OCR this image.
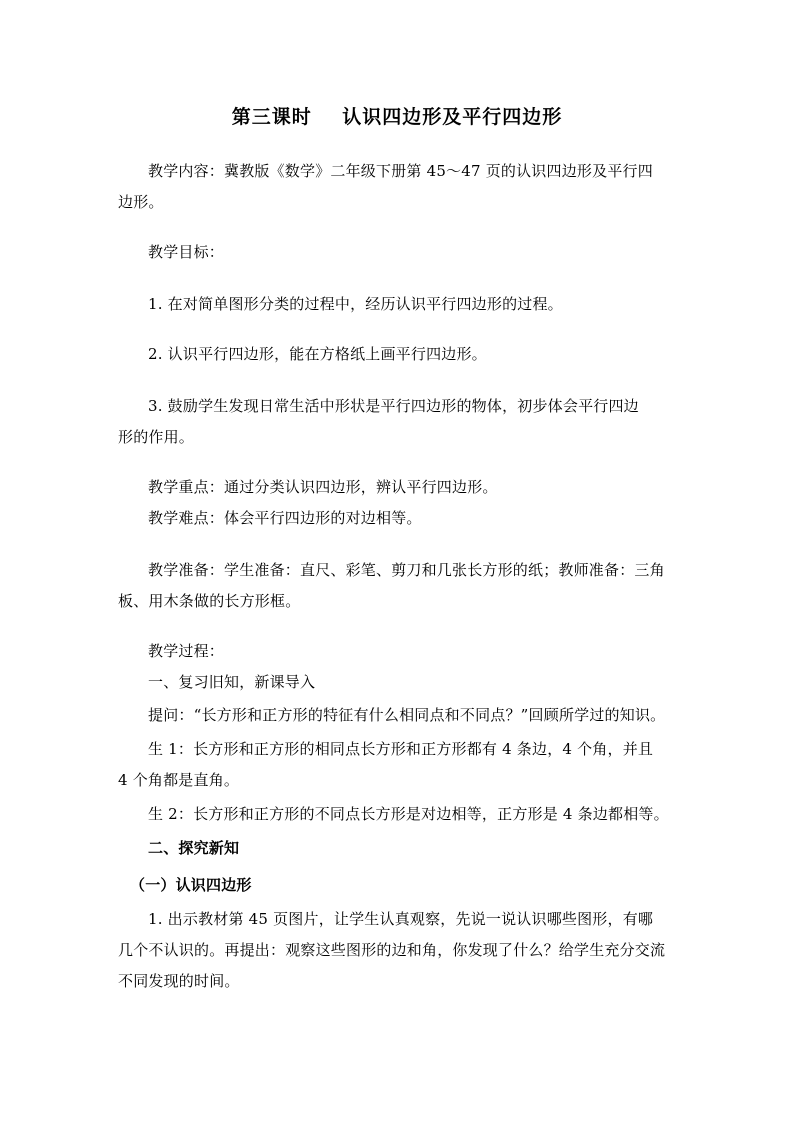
第三课时    认识四边形及平行四边形
教学内容：冀教版《数学》二年级下册第 45～47 页的认识四边形及平行四
边形。
教学目标：
1. 在对简单图形分类的过程中，经历认识平行四边形的过程。
2. 认识平行四边形，能在方格纸上画平行四边形。
3. 鼓励学生发现日常生活中形状是平行四边形的物体，初步体会平行四边
形的作用。
教学重点：通过分类认识四边形，辨认平行四边形。
教学难点：体会平行四边形的对边相等。
教学准备：学生准备：直尺、彩笔、剪刀和几张长方形的纸；教师准备：三角
板、用木条做的长方形框。
教学过程：
一、复习旧知，新课导入
提问：“长方形和正方形的特征有什么相同点和不同点？”回顾所学过的知识。
生 1：长方形和正方形的相同点长方形和正方形都有 4 条边，4 个角，并且
4 个角都是直角。
生 2：长方形和正方形的不同点长方形是对边相等，正方形是 4 条边都相等。
二、探究新知
（一）认识四边形
1. 出示教材第 45 页图片，让学生认真观察，先说一说认识哪些图形，有哪
几个不认识的。再提出：观察这些图形的边和角，你发现了什么？给学生充分交流
不同发现的时间。
